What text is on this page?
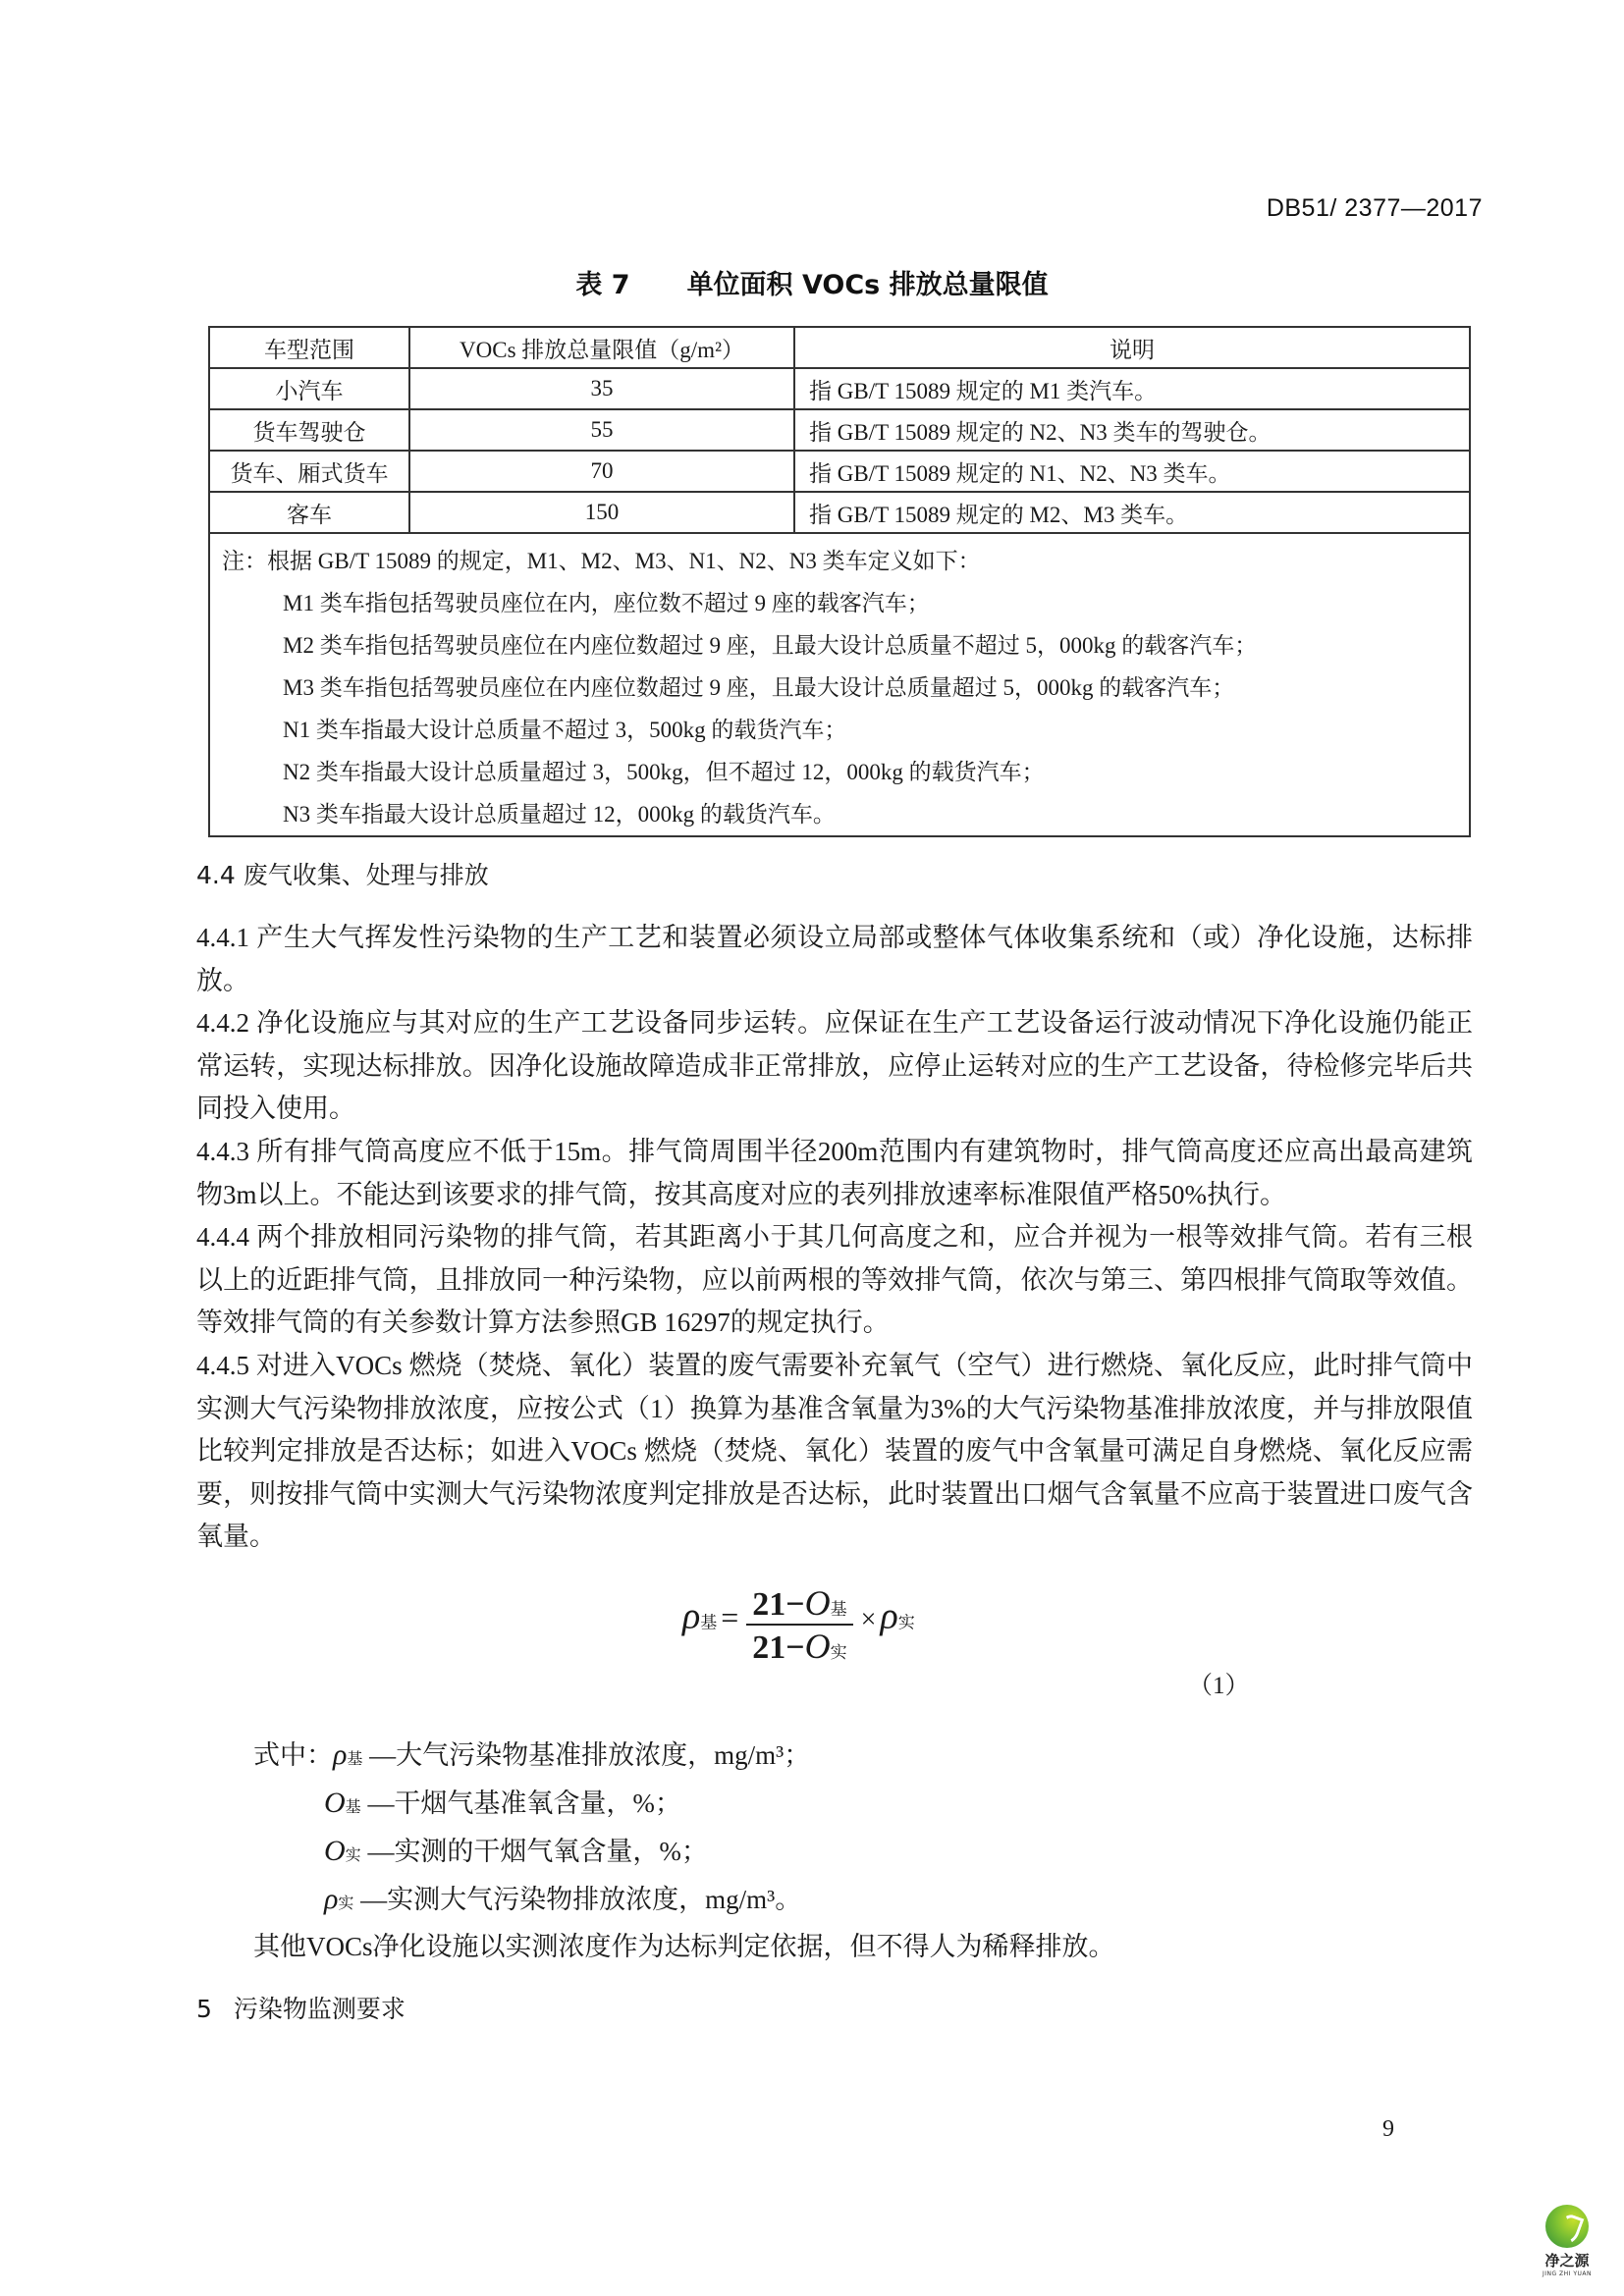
DB51/ 2377—2017
表 7 单位面积 VOCs 排放总量限值
车型范围	VOCs 排放总量限值（g/m²）	说明
小汽车	35	指 GB/T 15089 规定的 M1 类汽车。
货车驾驶仓	55	指 GB/T 15089 规定的 N2、N3 类车的驾驶仓。
货车、厢式货车	70	指 GB/T 15089 规定的 N1、N2、N3 类车。
客车	150	指 GB/T 15089 规定的 M2、M3 类车。

注：根据 GB/T 15089 的规定，M1、M2、M3、N1、N2、N3 类车定义如下：
M1 类车指包括驾驶员座位在内，座位数不超过 9 座的载客汽车；
M2 类车指包括驾驶员座位在内座位数超过 9 座，且最大设计总质量不超过 5，000kg 的载客汽车；
M3 类车指包括驾驶员座位在内座位数超过 9 座，且最大设计总质量超过 5，000kg 的载客汽车；
N1 类车指最大设计总质量不超过 3，500kg 的载货汽车；
N2 类车指最大设计总质量超过 3，500kg，但不超过 12，000kg 的载货汽车；
N3 类车指最大设计总质量超过 12，000kg 的载货汽车。
4.4 废气收集、处理与排放
4.4.1 产生大气挥发性污染物的生产工艺和装置必须设立局部或整体气体收集系统和（或）净化设施，达标排放。
4.4.2 净化设施应与其对应的生产工艺设备同步运转。应保证在生产工艺设备运行波动情况下净化设施仍能正常运转，实现达标排放。因净化设施故障造成非正常排放，应停止运转对应的生产工艺设备，待检修完毕后共同投入使用。
4.4.3 所有排气筒高度应不低于15m。排气筒周围半径200m范围内有建筑物时，排气筒高度还应高出最高建筑物3m以上。不能达到该要求的排气筒，按其高度对应的表列排放速率标准限值严格50%执行。
4.4.4 两个排放相同污染物的排气筒，若其距离小于其几何高度之和，应合并视为一根等效排气筒。若有三根以上的近距排气筒，且排放同一种污染物，应以前两根的等效排气筒，依次与第三、第四根排气筒取等效值。等效排气筒的有关参数计算方法参照GB 16297的规定执行。
4.4.5 对进入VOCs 燃烧（焚烧、氧化）装置的废气需要补充氧气（空气）进行燃烧、氧化反应，此时排气筒中实测大气污染物排放浓度，应按公式（1）换算为基准含氧量为3%的大气污染物基准排放浓度，并与排放限值比较判定排放是否达标；如进入VOCs 燃烧（焚烧、氧化）装置的废气中含氧量可满足自身燃烧、氧化反应需要，则按排气筒中实测大气污染物浓度判定排放是否达标，此时装置出口烟气含氧量不应高于装置进口废气含氧量。
ρ基 = $\frac{\text{21−O基}}{\text{21−O实}} \times \rho$实
（1）
式中：ρ基 —大气污染物基准排放浓度，mg/m³；
O基 —干烟气基准氧含量，%；
O实 —实测的干烟气氧含量，%；
ρ实 —实测大气污染物排放浓度，mg/m³。
其他VOCs净化设施以实测浓度作为达标判定依据，但不得人为稀释排放。
5 污染物监测要求
9
净之源
JING ZHI YUAN
